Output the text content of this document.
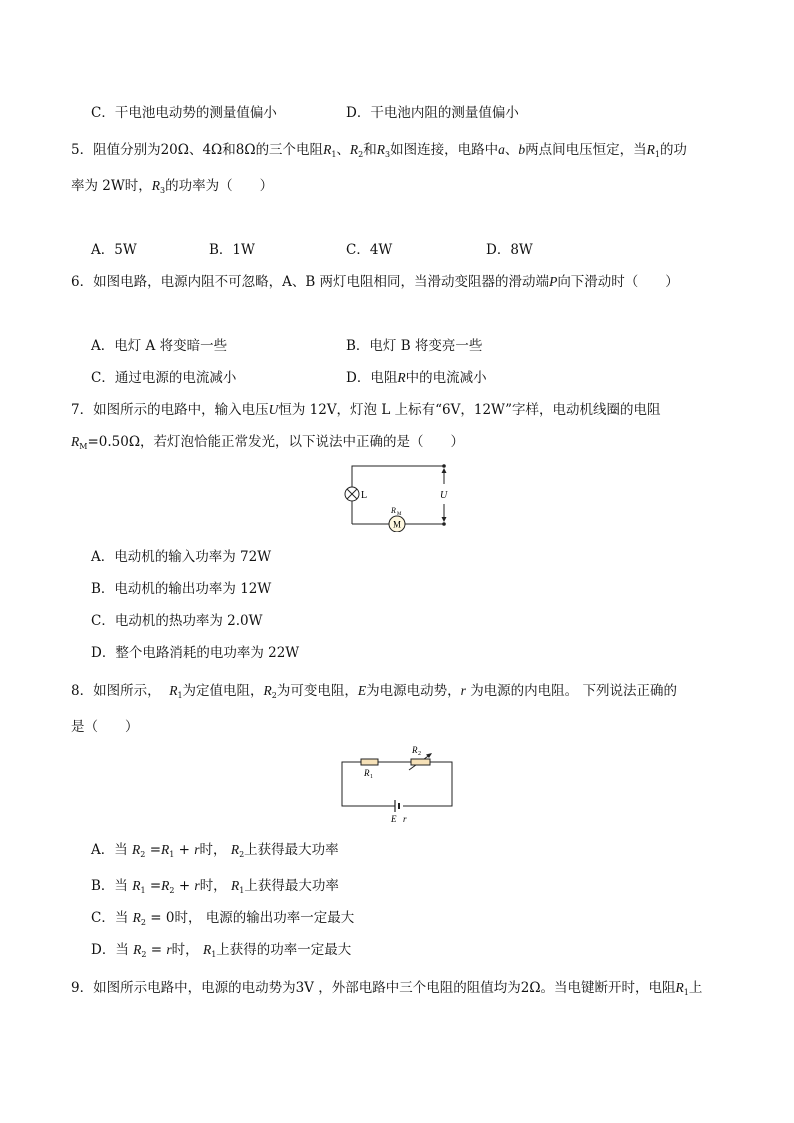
C．干电池电动势的测量值偏小	D．干电池内阻的测量值偏小
5．阻值分别为20Ω、4Ω和8Ω的三个电阻$R_1$、$R_2$和$R_3$如图连接，电路中a、b两点间电压恒定，当$R_1$的功
率为 2W时，$R_3$的功率为（　　）
A．5W	B．1W	C．4W	D．8W
6．如图电路，电源内阻不可忽略，A、B 两灯电阻相同，当滑动变阻器的滑动端P向下滑动时（　　）
A．电灯 A 将变暗一些	B．电灯 B 将变亮一些
C．通过电源的电流减小	D．电阻R中的电流减小
7．如图所示的电路中，输入电压U恒为 12V，灯泡 L 上标有“6V，12W”字样，电动机线圈的电阻
$R_M=0.50\Omega$，若灯泡恰能正常发光，以下说法中正确的是（　　）
L	U
R M
M
A．电动机的输入功率为 72W
B．电动机的输出功率为 12W
C．电动机的热功率为 2.0W
D．整个电路消耗的电功率为 22W
8．如图所示， $R_1$为定值电阻，$R_2$为可变电阻，E为电源电动势，r 为电源的内电阻。 下列说法正确的
是（　　）
R 1
R 2
E r
A．当 $R_2 =R_1 + r$时， $R_2$上获得最大功率
B．当 $R_1 =R_2 + r$时， $R_1$上获得最大功率
C．当 $R_2 = 0$时， 电源的输出功率一定最大
D．当 $R_2 = r$时， $R_1$上获得的功率一定最大
9．如图所示电路中，电源的电动势为3V ，外部电路中三个电阻的阻值均为2Ω。当电键断开时，电阻$R_1$上
